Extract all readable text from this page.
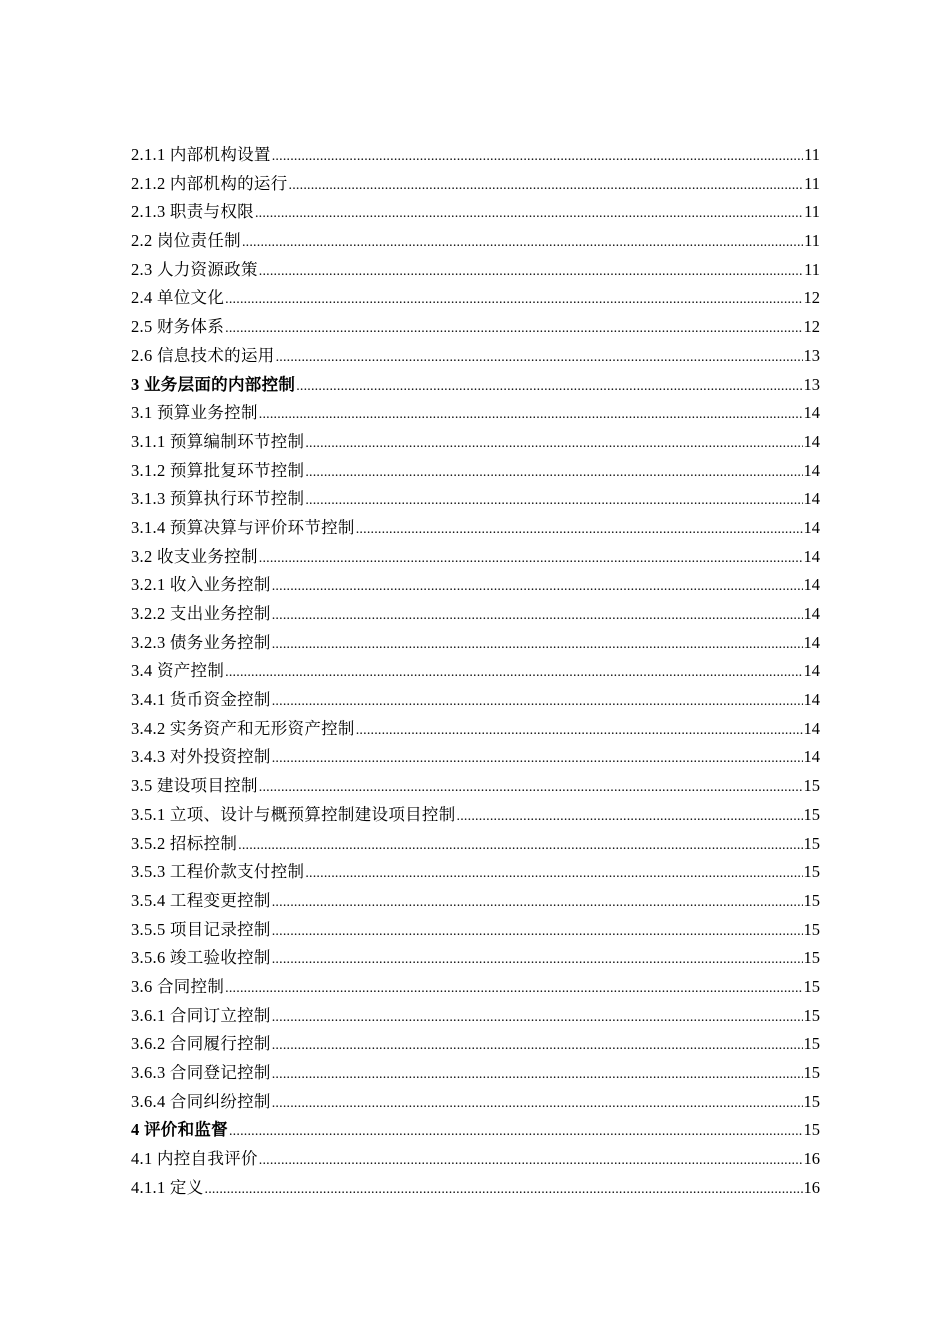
2.1.1 内部机构设置 .....	11
2.1.2 内部机构的运行 .....	11
2.1.3 职责与权限 .....	11
2.2 岗位责任制 .....	11
2.3 人力资源政策 .....	11
2.4 单位文化 .....	12
2.5 财务体系 .....	12
2.6 信息技术的运用 .....	13
3 业务层面的内部控制 .....	13
3.1 预算业务控制 .....	14
3.1.1 预算编制环节控制 .....	14
3.1.2 预算批复环节控制 .....	14
3.1.3 预算执行环节控制 .....	14
3.1.4 预算决算与评价环节控制 .....	14
3.2 收支业务控制 .....	14
3.2.1 收入业务控制 .....	14
3.2.2 支出业务控制 .....	14
3.2.3 债务业务控制 .....	14
3.4 资产控制 .....	14
3.4.1 货币资金控制 .....	14
3.4.2 实务资产和无形资产控制 .....	14
3.4.3 对外投资控制 .....	14
3.5 建设项目控制 .....	15
3.5.1 立项、设计与概预算控制建设项目控制 .....	15
3.5.2 招标控制 .....	15
3.5.3 工程价款支付控制 .....	15
3.5.4 工程变更控制 .....	15
3.5.5 项目记录控制 .....	15
3.5.6 竣工验收控制 .....	15
3.6 合同控制 .....	15
3.6.1 合同订立控制 .....	15
3.6.2 合同履行控制 .....	15
3.6.3 合同登记控制 .....	15
3.6.4 合同纠纷控制 .....	15
4 评价和监督 .....	15
4.1 内控自我评价 .....	16
4.1.1 定义 .....	16
